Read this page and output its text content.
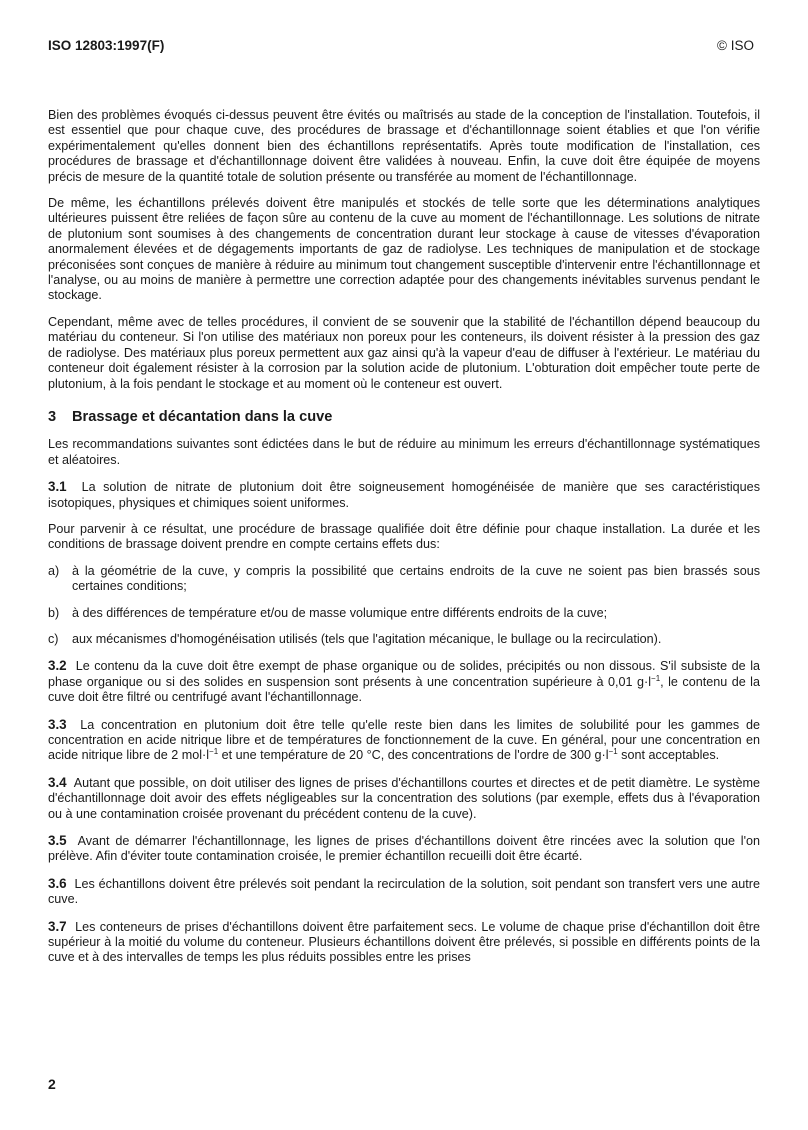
ISO 12803:1997(F)	© ISO

Bien des problèmes évoqués ci-dessus peuvent être évités ou maîtrisés au stade de la conception de l'installation. Toutefois, il est essentiel que pour chaque cuve, des procédures de brassage et d'échantillonnage soient établies et que l'on vérifie expérimentalement qu'elles donnent bien des échantillons représentatifs. Après toute modification de l'installation, ces procédures de brassage et d'échantillonnage doivent être validées à nouveau. Enfin, la cuve doit être équipée de moyens précis de mesure de la quantité totale de solution présente ou transférée au moment de l'échantillonnage.

De même, les échantillons prélevés doivent être manipulés et stockés de telle sorte que les déterminations analytiques ultérieures puissent être reliées de façon sûre au contenu de la cuve au moment de l'échantillonnage. Les solutions de nitrate de plutonium sont soumises à des changements de concentration durant leur stockage à cause de vitesses d'évaporation anormalement élevées et de dégagements importants de gaz de radiolyse. Les techniques de manipulation et de stockage préconisées sont conçues de manière à réduire au minimum tout changement susceptible d'intervenir entre l'échantillonnage et l'analyse, ou au moins de manière à permettre une correction adaptée pour des changements inévitables survenus pendant le stockage.

Cependant, même avec de telles procédures, il convient de se souvenir que la stabilité de l'échantillon dépend beaucoup du matériau du conteneur. Si l'on utilise des matériaux non poreux pour les conteneurs, ils doivent résister à la pression des gaz de radiolyse. Des matériaux plus poreux permettent aux gaz ainsi qu'à la vapeur d'eau de diffuser à l'extérieur. Le matériau du conteneur doit également résister à la corrosion par la solution acide de plutonium. L'obturation doit empêcher toute perte de plutonium, à la fois pendant le stockage et au moment où le conteneur est ouvert.

3 Brassage et décantation dans la cuve

Les recommandations suivantes sont édictées dans le but de réduire au minimum les erreurs d'échantillonnage systématiques et aléatoires.

3.1 La solution de nitrate de plutonium doit être soigneusement homogénéisée de manière que ses caractéristiques isotopiques, physiques et chimiques soient uniformes.

Pour parvenir à ce résultat, une procédure de brassage qualifiée doit être définie pour chaque installation. La durée et les conditions de brassage doivent prendre en compte certains effets dus:

a)	à la géométrie de la cuve, y compris la possibilité que certains endroits de la cuve ne soient pas bien brassés sous certaines conditions;
b)	à des différences de température et/ou de masse volumique entre différents endroits de la cuve;
c)	aux mécanismes d'homogénéisation utilisés (tels que l'agitation mécanique, le bullage ou la recirculation).

3.2 Le contenu da la cuve doit être exempt de phase organique ou de solides, précipités ou non dissous. S'il subsiste de la phase organique ou si des solides en suspension sont présents à une concentration supérieure à 0,01 $g\cdot l^{-1}$, le contenu de la cuve doit être filtré ou centrifugé avant l'échantillonnage.

3.3 La concentration en plutonium doit être telle qu'elle reste bien dans les limites de solubilité pour les gammes de concentration en acide nitrique libre et de températures de fonctionnement de la cuve. En général, pour une concentration en acide nitrique libre de 2 $mol\cdot l^{-1}$ et une température de 20 °C, des concentrations de l'ordre de 300 $g\cdot l^{-1}$ sont acceptables.

3.4 Autant que possible, on doit utiliser des lignes de prises d'échantillons courtes et directes et de petit diamètre. Le système d'échantillonnage doit avoir des effets négligeables sur la concentration des solutions (par exemple, effets dus à l'évaporation ou à une contamination croisée provenant du précédent contenu de la cuve).

3.5 Avant de démarrer l'échantillonnage, les lignes de prises d'échantillons doivent être rincées avec la solution que l'on prélève. Afin d'éviter toute contamination croisée, le premier échantillon recueilli doit être écarté.

3.6 Les échantillons doivent être prélevés soit pendant la recirculation de la solution, soit pendant son transfert vers une autre cuve.

3.7 Les conteneurs de prises d'échantillons doivent être parfaitement secs. Le volume de chaque prise d'échantillon doit être supérieur à la moitié du volume du conteneur. Plusieurs échantillons doivent être prélevés, si possible en différents points de la cuve et à des intervalles de temps les plus réduits possibles entre les prises

2
